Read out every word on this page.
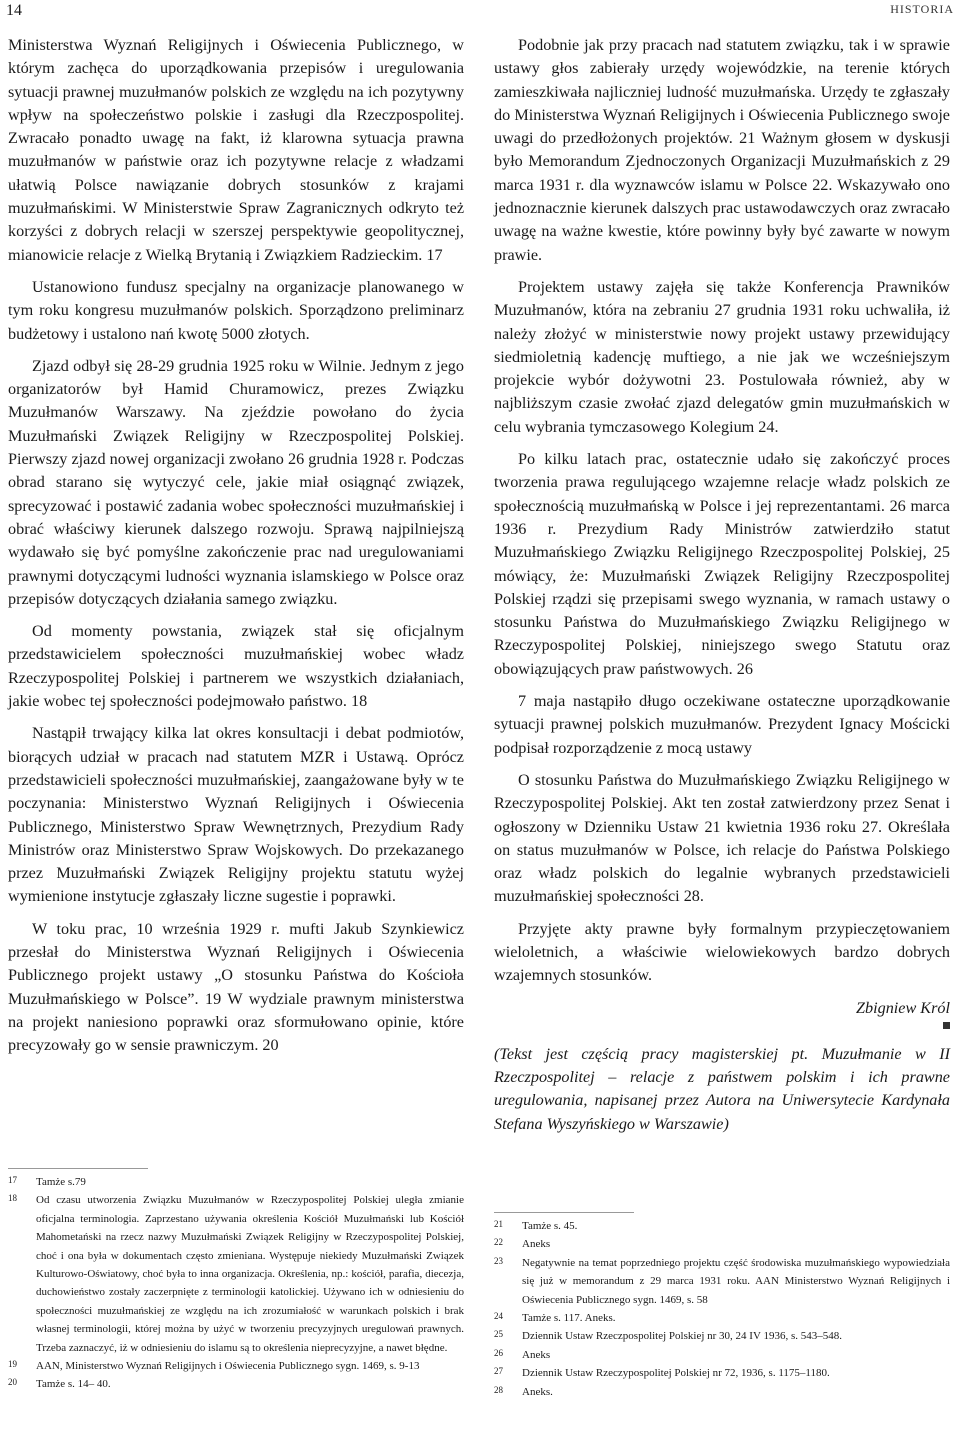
14	HISTORIA

Ministerstwa Wyznań Religijnych i Oświecenia Publicznego, w którym zachęca do uporządkowania przepisów i uregulowania sytuacji prawnej muzułmanów polskich ze względu na ich pozytywny wpływ na społeczeństwo polskie i zasługi dla Rzeczpospolitej. Zwracało ponadto uwagę na fakt, iż klarowna sytuacja prawna muzułmanów w państwie oraz ich pozytywne relacje z władzami ułatwią Polsce nawiązanie dobrych stosunków z krajami muzułmańskimi. W Ministerstwie Spraw Zagranicznych odkryto też korzyści z dobrych relacji w szerszej perspektywie geopolitycznej, mianowicie relacje z Wielką Brytanią i Związkiem Radzieckim. 17

Ustanowiono fundusz specjalny na organizacje planowanego w tym roku kongresu muzułmanów polskich. Sporządzono preliminarz budżetowy i ustalono nań kwotę 5000 złotych.

Zjazd odbył się 28-29 grudnia 1925 roku w Wilnie. Jednym z jego organizatorów był Hamid Churamowicz, prezes Związku Muzułmanów Warszawy. Na zjeździe powołano do życia Muzułmański Związek Religijny w Rzeczpospolitej Polskiej. Pierwszy zjazd nowej organizacji zwołano 26 grudnia 1928 r. Podczas obrad starano się wytyczyć cele, jakie miał osiągnąć związek, sprecyzować i postawić zadania wobec społeczności muzułmańskiej i obrać właściwy kierunek dalszego rozwoju. Sprawą najpilniejszą wydawało się być pomyślne zakończenie prac nad uregulowaniami prawnymi dotyczącymi ludności wyznania islamskiego w Polsce oraz przepisów dotyczących działania samego związku.

Od momenty powstania, związek stał się oficjalnym przedstawicielem społeczności muzułmańskiej wobec władz Rzeczypospolitej Polskiej i partnerem we wszystkich działaniach, jakie wobec tej społeczności podejmowało państwo. 18

Nastąpił trwający kilka lat okres konsultacji i debat podmiotów, biorących udział w pracach nad statutem MZR i Ustawą. Oprócz przedstawicieli społeczności muzułmańskiej, zaangażowane były w te poczynania: Ministerstwo Wyznań Religijnych i Oświecenia Publicznego, Ministerstwo Spraw Wewnętrznych, Prezydium Rady Ministrów oraz Ministerstwo Spraw Wojskowych. Do przekazanego przez Muzułmański Związek Religijny projektu statutu wyżej wymienione instytucje zgłaszały liczne sugestie i poprawki.

W toku prac, 10 września 1929 r. mufti Jakub Szynkiewicz przesłał do Ministerstwa Wyznań Religijnych i Oświecenia Publicznego projekt ustawy „O stosunku Państwa do Kościoła Muzułmańskiego w Polsce”. 19 W wydziale prawnym ministerstwa na projekt naniesiono poprawki oraz sformułowano opinie, które precyzowały go w sensie prawniczym. 20

Podobnie jak przy pracach nad statutem związku, tak i w sprawie ustawy głos zabierały urzędy wojewódzkie, na terenie których zamieszkiwała najliczniej ludność muzułmańska. Urzędy te zgłaszały do Ministerstwa Wyznań Religijnych i Oświecenia Publicznego swoje uwagi do przedłożonych projektów. 21 Ważnym głosem w dyskusji było Memorandum Zjednoczonych Organizacji Muzułmańskich z 29 marca 1931 r. dla wyznawców islamu w Polsce 22. Wskazywało ono jednoznacznie kierunek dalszych prac ustawodawczych oraz zwracało uwagę na ważne kwestie, które powinny były być zawarte w nowym prawie.

Projektem ustawy zajęła się także Konferencja Prawników Muzułmanów, która na zebraniu 27 grudnia 1931 roku uchwaliła, iż należy złożyć w ministerstwie nowy projekt ustawy przewidujący siedmioletnią kadencję muftiego, a nie jak we wcześniejszym projekcie wybór dożywotni 23. Postulowała również, aby w najbliższym czasie zwołać zjazd delegatów gmin muzułmańskich w celu wybrania tymczasowego Kolegium 24.

Po kilku latach prac, ostatecznie udało się zakończyć proces tworzenia prawa regulującego wzajemne relacje władz polskich ze społecznością muzułmańską w Polsce i jej reprezentantami. 26 marca 1936 r. Prezydium Rady Ministrów zatwierdziło statut Muzułmańskiego Związku Religijnego Rzeczpospolitej Polskiej, 25 mówiący, że: Muzułmański Związek Religijny Rzeczpospolitej Polskiej rządzi się przepisami swego wyznania, w ramach ustawy o stosunku Państwa do Muzułmańskiego Związku Religijnego w Rzeczypospolitej Polskiej, niniejszego swego Statutu oraz obowiązujących praw państwowych. 26

7 maja nastąpiło długo oczekiwane ostateczne uporządkowanie sytuacji prawnej polskich muzułmanów. Prezydent Ignacy Mościcki podpisał rozporządzenie z mocą ustawy

O stosunku Państwa do Muzułmańskiego Związku Religijnego w Rzeczypospolitej Polskiej. Akt ten został zatwierdzony przez Senat i ogłoszony w Dzienniku Ustaw 21 kwietnia 1936 roku 27. Określała on status muzułmanów w Polsce, ich relacje do Państwa Polskiego oraz władz polskich do legalnie wybranych przedstawicieli muzułmańskiej społeczności 28.

Przyjęte akty prawne były formalnym przypieczętowaniem wieloletnich, a właściwie wielowiekowych bardzo dobrych wzajemnych stosunków.

Zbigniew Król

(Tekst jest częścią pracy magisterskiej pt. Muzułmanie w II Rzeczpospolitej – relacje z państwem polskim i ich prawne uregulowania, napisanej przez Autora na Uniwersytecie Kardynała Stefana Wyszyńskiego w Warszawie)

17	Tamże s.79
18	Od czasu utworzenia Związku Muzułmanów w Rzeczypospolitej Polskiej uległa zmianie oficjalna terminologia. Zaprzestano używania określenia Kościół Muzułmański lub Kościół Mahometański na rzecz nazwy Muzułmański Związek Religijny w Rzeczypospolitej Polskiej, choć i ona była w dokumentach często zmieniana. Występuje niekiedy Muzułmański Związek Kulturowo-Oświatowy, choć była to inna organizacja. Określenia, np.: kościół, parafia, diecezja, duchowieństwo zostały zaczerpnięte z terminologii katolickiej. Używano ich w odniesieniu do społeczności muzułmańskiej ze względu na ich zrozumiałość w warunkach polskich i brak własnej terminologii, której można by użyć w tworzeniu precyzyjnych uregulowań prawnych. Trzeba zaznaczyć, iż w odniesieniu do islamu są to określenia nieprecyzyjne, a nawet błędne.
19	AAN, Ministerstwo Wyznań Religijnych i Oświecenia Publicznego sygn. 1469, s. 9-13
20	Tamże s. 14– 40.
21	Tamże s. 45.
22	Aneks
23	Negatywnie na temat poprzedniego projektu część środowiska muzułmańskiego wypowiedziała się już w memorandum z 29 marca 1931 roku. AAN Ministerstwo Wyznań Religijnych i Oświecenia Publicznego sygn. 1469, s. 58
24	Tamże s. 117. Aneks.
25	Dziennik Ustaw Rzeczpospolitej Polskiej nr 30, 24 IV 1936, s. 543–548.
26	Aneks
27	Dziennik Ustaw Rzeczypospolitej Polskiej nr 72, 1936, s. 1175–1180.
28	Aneks.
